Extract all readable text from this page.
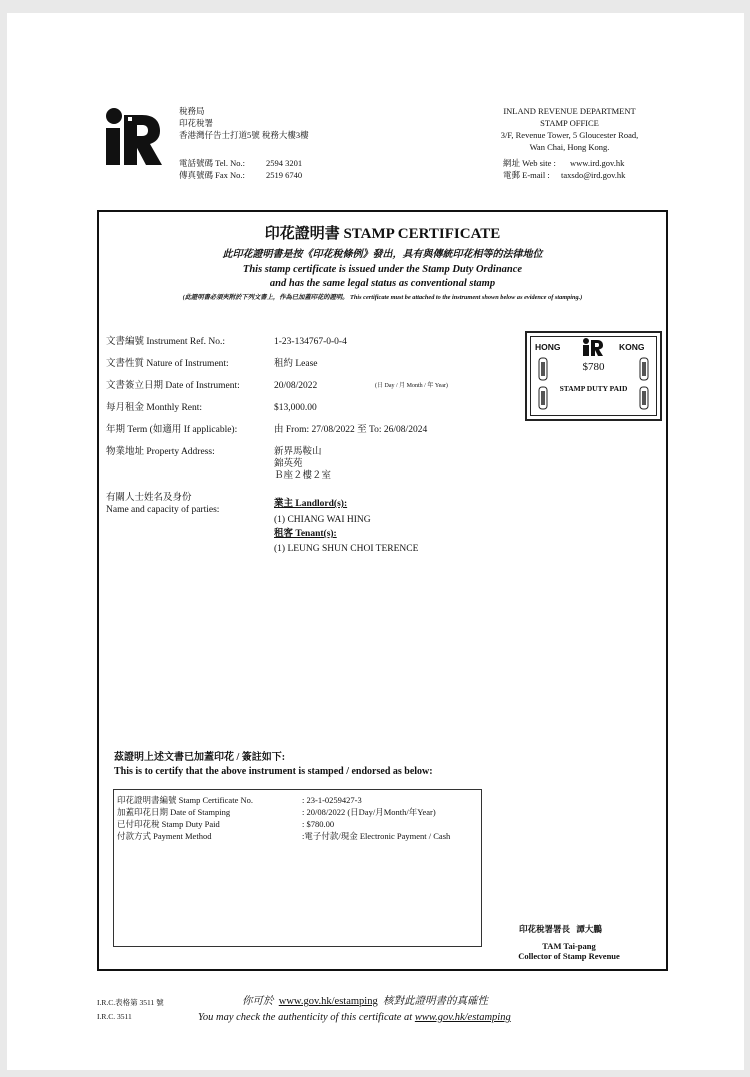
稅務局
印花稅署
香港灣仔告士打道5號 稅務大樓3樓
電話號碼 Tel. No.: 2594 3201
傳真號碼 Fax No.: 2519 6740
INLAND REVENUE DEPARTMENT
STAMP OFFICE
3/F, Revenue Tower, 5 Gloucester Road,
Wan Chai, Hong Kong.
網址 Web site : www.ird.gov.hk
電郵 E-mail : taxsdo@ird.gov.hk
印花證明書 STAMP CERTIFICATE
此印花證明書是按《印花稅條例》發出，具有與傳統印花相等的法律地位
This stamp certificate is issued under the Stamp Duty Ordinance
and has the same legal status as conventional stamp
(此證明書必須夾附於下列文書上，作為已加蓋印花的證明。 This certificate must be attached to the instrument shown below as evidence of stamping.)
文書編號 Instrument Ref. No.:	1-23-134767-0-0-4
文書性質 Nature of Instrument:	租約 Lease
文書簽立日期 Date of Instrument:	20/08/2022	(日 Day / 月 Month / 年 Year)
每月租金 Monthly Rent:	$13,000.00
年期 Term (如適用 If applicable):	由 From: 27/08/2022 至 To: 26/08/2024
物業地址 Property Address:	新界馬鞍山
錦英苑
Ｂ座２樓２室
有關人士姓名及身份
Name and capacity of parties:
業主 Landlord(s):
(1) CHIANG WAI HING
租客 Tenant(s):
(1) LEUNG SHUN CHOI TERENCE
茲證明上述文書已加蓋印花 / 簽註如下:
This is to certify that the above instrument is stamped / endorsed as below:
印花稅署署長 譚大鵬
TAM Tai-pang
Collector of Stamp Revenue
HONG	KONG
$780
STAMP DUTY PAID
印花證明書編號 Stamp Certificate No.	: 23-1-0259427-3
加蓋印花日期 Date of Stamping	: 20/08/2022 (日Day/月Month/年Year)
已付印花稅 Stamp Duty Paid	: $780.00
付款方式 Payment Method	:電子付款/現金 Electronic Payment / Cash
I.R.C.表格第 3511 號
I.R.C. 3511
你可於 www.gov.hk/estamping 核對此證明書的真確性
You may check the authenticity of this certificate at www.gov.hk/estamping
